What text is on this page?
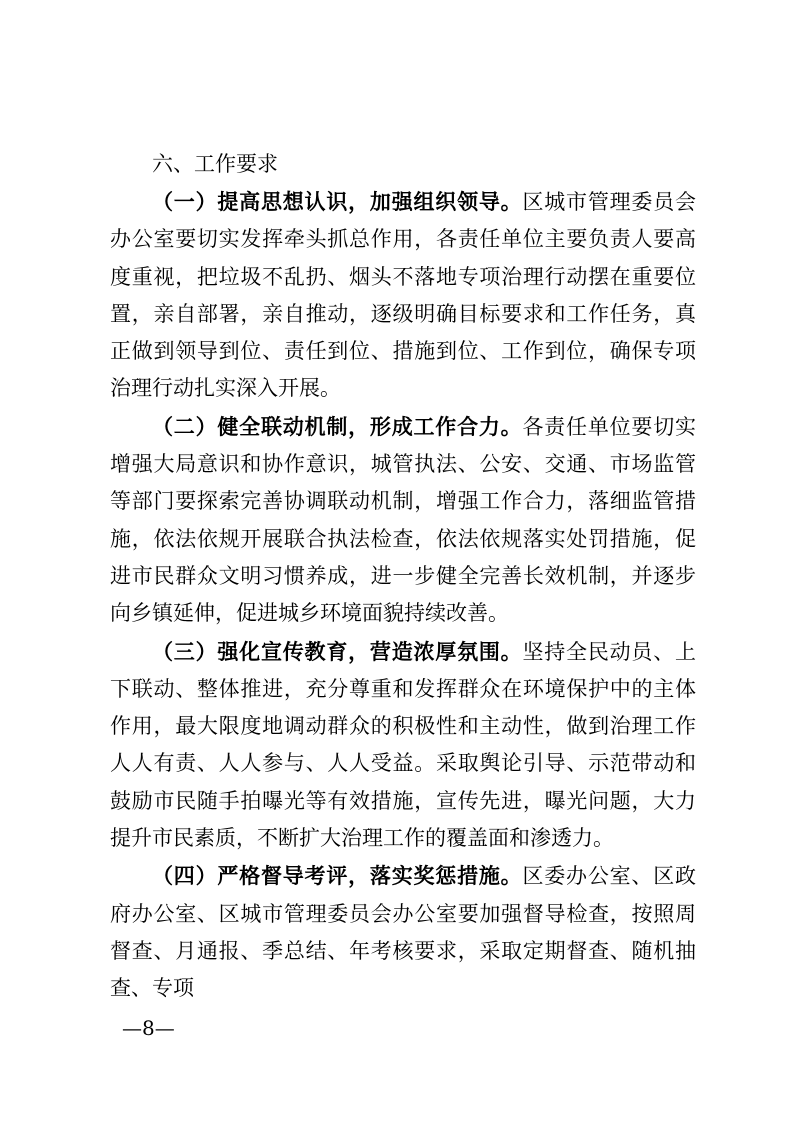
六、工作要求

（一）提高思想认识，加强组织领导。区城市管理委员会办公室要切实发挥牵头抓总作用，各责任单位主要负责人要高度重视，把垃圾不乱扔、烟头不落地专项治理行动摆在重要位置，亲自部署，亲自推动，逐级明确目标要求和工作任务，真正做到领导到位、责任到位、措施到位、工作到位，确保专项治理行动扎实深入开展。

（二）健全联动机制，形成工作合力。各责任单位要切实增强大局意识和协作意识，城管执法、公安、交通、市场监管等部门要探索完善协调联动机制，增强工作合力，落细监管措施，依法依规开展联合执法检查，依法依规落实处罚措施，促进市民群众文明习惯养成，进一步健全完善长效机制，并逐步向乡镇延伸，促进城乡环境面貌持续改善。

（三）强化宣传教育，营造浓厚氛围。坚持全民动员、上下联动、整体推进，充分尊重和发挥群众在环境保护中的主体作用，最大限度地调动群众的积极性和主动性，做到治理工作人人有责、人人参与、人人受益。采取舆论引导、示范带动和鼓励市民随手拍曝光等有效措施，宣传先进，曝光问题，大力提升市民素质，不断扩大治理工作的覆盖面和渗透力。

（四）严格督导考评，落实奖惩措施。区委办公室、区政府办公室、区城市管理委员会办公室要加强督导检查，按照周督查、月通报、季总结、年考核要求，采取定期督查、随机抽查、专项

—8—
